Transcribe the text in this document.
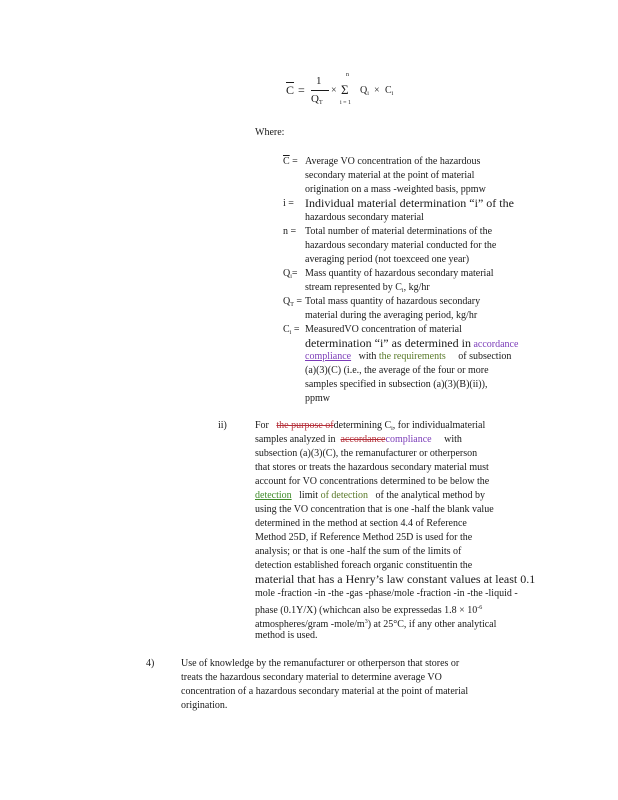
$\overline{C}$ =
1
$Q_T$
×
n
Σ
i = 1
$Q_i \times C_i$
Where:
$\overline{C}$ = Average VO concentration of the hazardous
secondary material at the point of material
origination on a mass -weighted basis, ppmw
i = Individual material determination “i” of the
hazardous secondary material
n = Total number of material determinations of the
hazardous secondary material conducted for the
averaging period (not toexceed one year)
$Q_i=$ Mass quantity of hazardous secondary material
stream represented by $C_i$, kg/hr
$Q_T$ = Total mass quantity of hazardous secondary
material during the averaging period, kg/hr
$C_i$ = MeasuredVO concentration of material
determination “i” as determined in accordance
compliance with the requirements of subsection
(a)(3)(C) (i.e., the average of the four or more
samples specified in subsection (a)(3)(B)(ii)),
ppmw
ii)	For the purpose ofdetermining $C_i$, for individualmaterial
samples analyzed in accordancecompliance with
subsection (a)(3)(C), the remanufacturer or otherperson
that stores or treats the hazardous secondary material must
account for VO concentrations determined to be below the
detection limit of detection of the analytical method by
using the VO concentration that is one -half the blank value
determined in the method at section 4.4 of Reference
Method 25D, if Reference Method 25D is used for the
analysis; or that is one -half the sum of the limits of
detection established foreach organic constituentin the
material that has a Henry’s law constant values at least 0.1
mole -fraction -in -the -gas -phase/mole -fraction -in -the -liquid -
phase (0.1Y/X) (whichcan also be expressedas $1.8 \times 10^{-6}$
atmospheres/gram $-mole/m^3$) at 25°C, if any other analytical
method is used.
4)	Use of knowledge by the remanufacturer or otherperson that stores or
treats the hazardous secondary material to determine average VO
concentration of a hazardous secondary material at the point of material
origination.
